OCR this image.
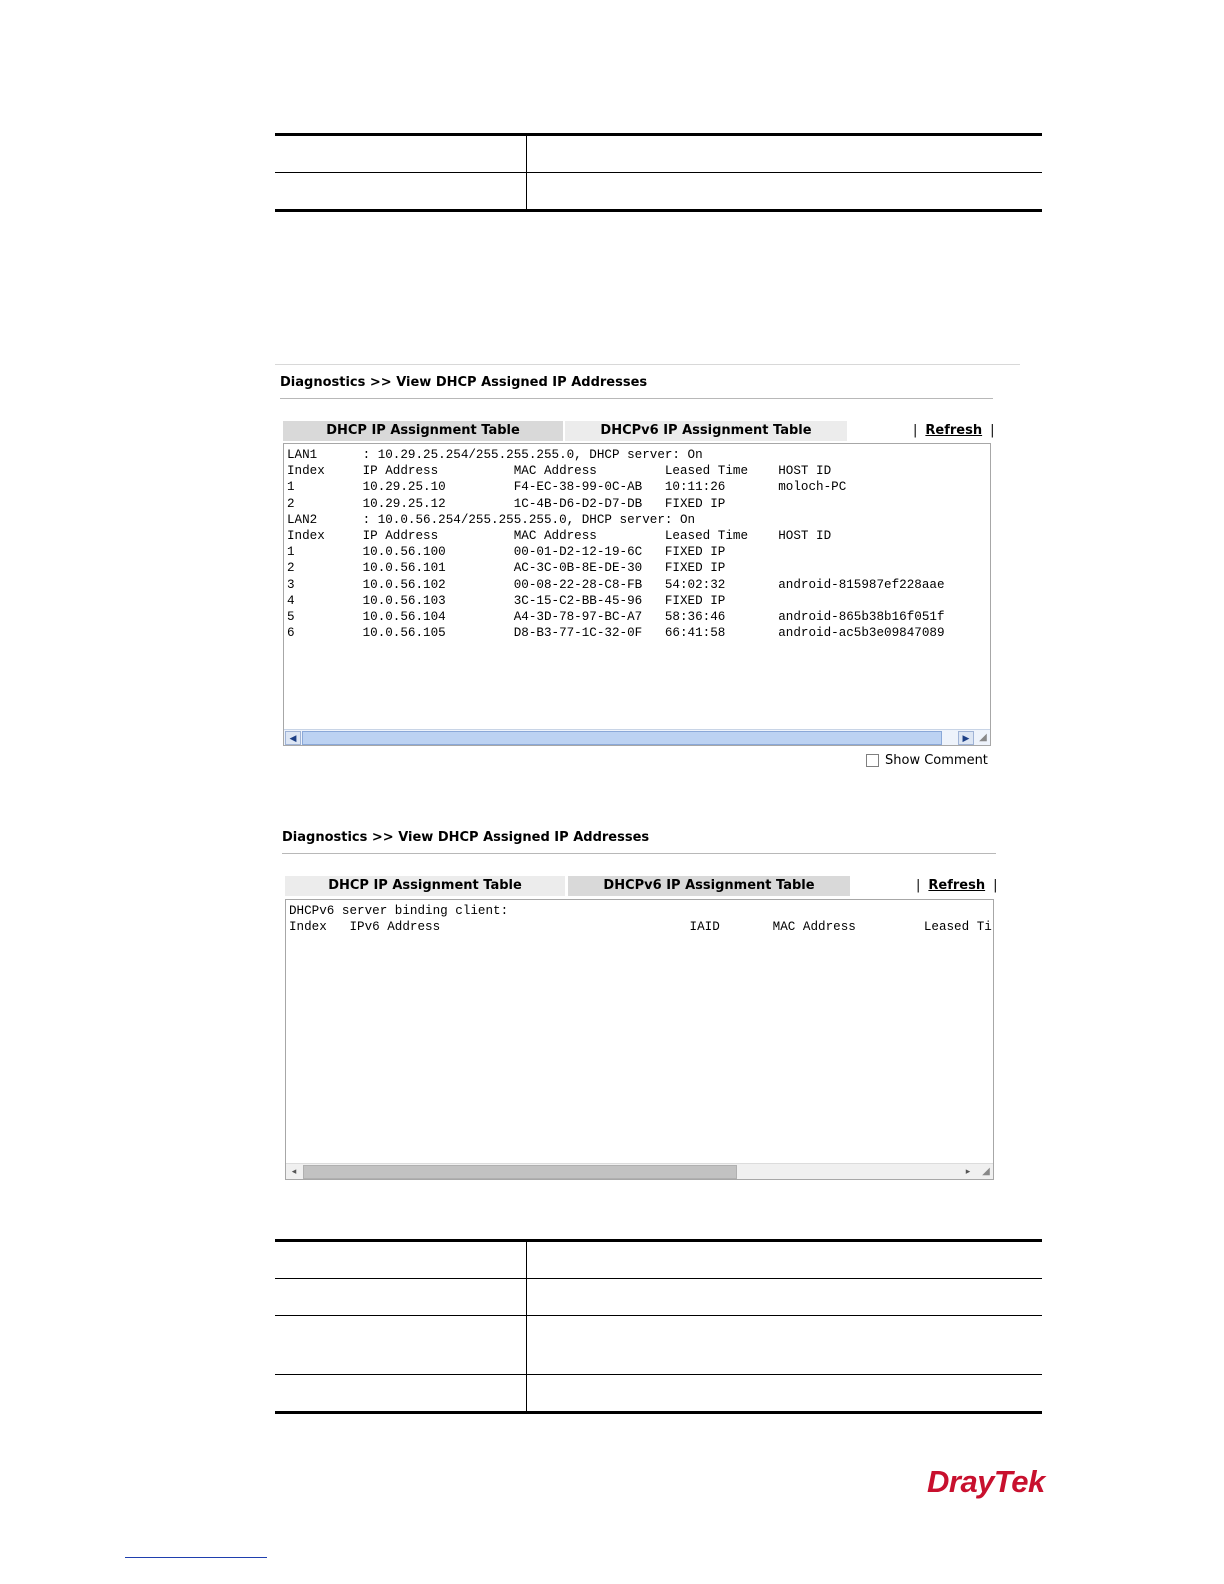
Diagnostics >> View DHCP Assigned IP Addresses
DHCP IP Assignment Table	DHCPv6 IP Assignment Table	| Refresh |
LAN1      : 10.29.25.254/255.255.255.0, DHCP server: On
Index     IP Address          MAC Address         Leased Time    HOST ID
1         10.29.25.10         F4-EC-38-99-0C-AB   10:11:26       moloch-PC
2         10.29.25.12         1C-4B-D6-D2-D7-DB   FIXED IP
LAN2      : 10.0.56.254/255.255.255.0, DHCP server: On
Index     IP Address          MAC Address         Leased Time    HOST ID
1         10.0.56.100         00-01-D2-12-19-6C   FIXED IP
2         10.0.56.101         AC-3C-0B-8E-DE-30   FIXED IP
3         10.0.56.102         00-08-22-28-C8-FB   54:02:32       android-815987ef228aae
4         10.0.56.103         3C-15-C2-BB-45-96   FIXED IP
5         10.0.56.104         A4-3D-78-97-BC-A7   58:36:46       android-865b38b16f051f
6         10.0.56.105         D8-B3-77-1C-32-0F   66:41:58       android-ac5b3e09847089
◀	▶ ◢
Show Comment
Diagnostics >> View DHCP Assigned IP Addresses
DHCP IP Assignment Table	DHCPv6 IP Assignment Table	| Refresh |
DHCPv6 server binding client:
Index   IPv6 Address                                 IAID       MAC Address         Leased Ti
◂	▸	◢

DrayTek
